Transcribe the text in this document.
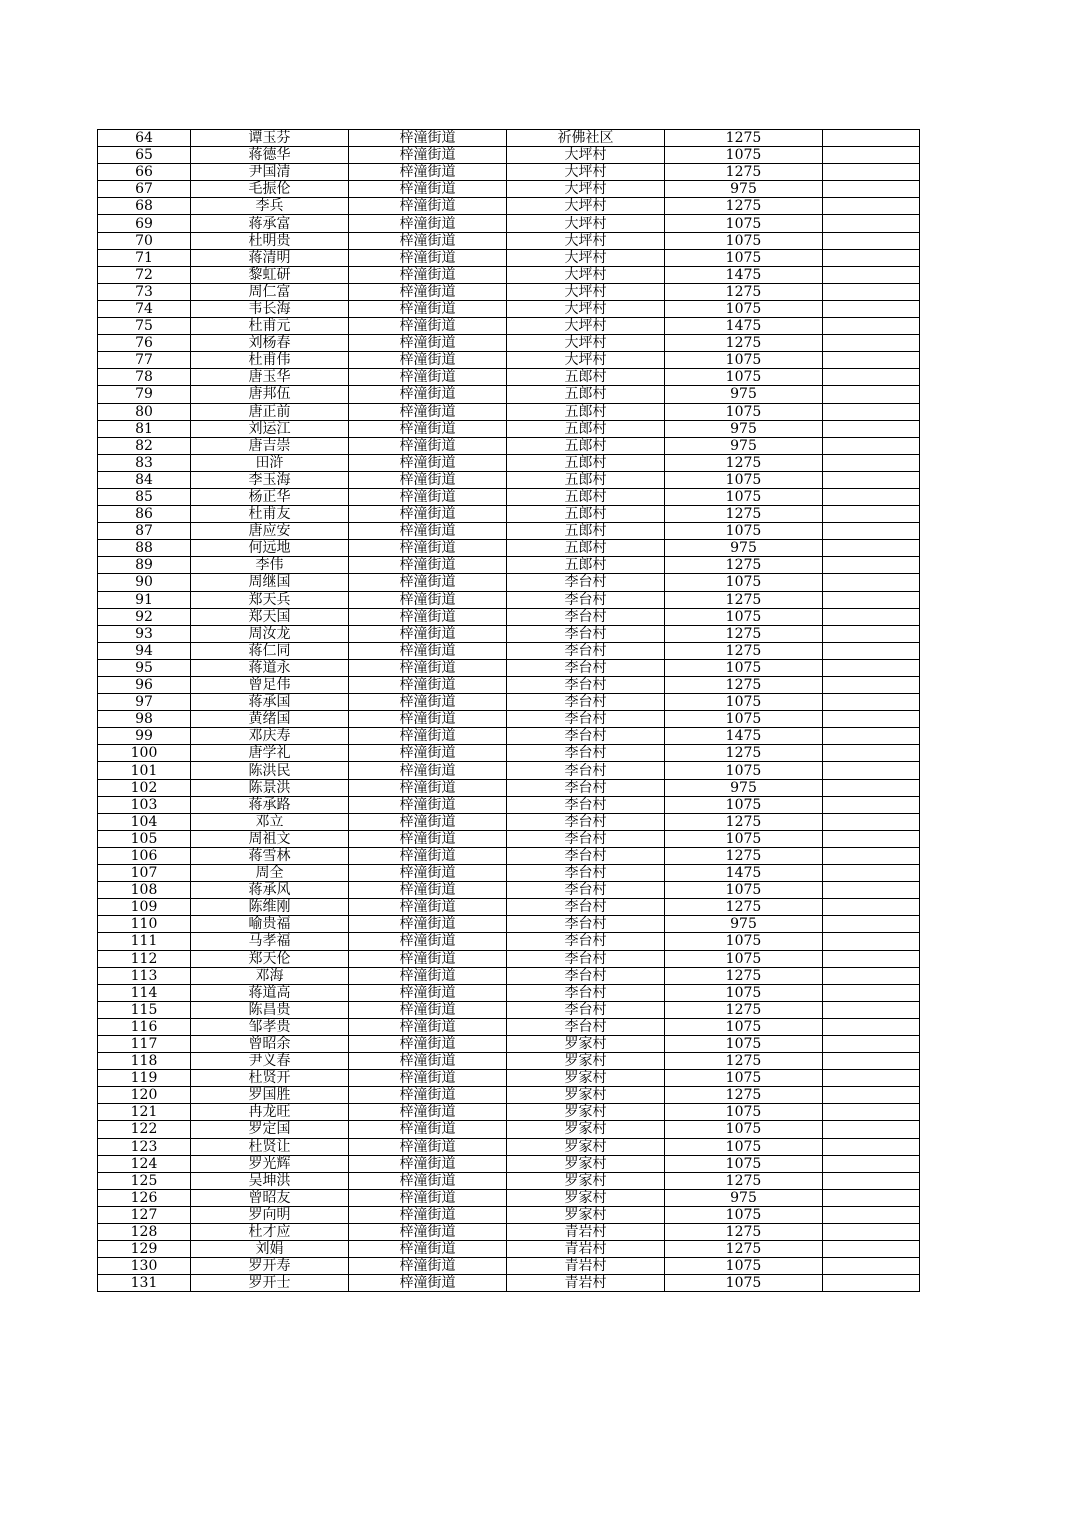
64	谭玉芬	梓潼街道	祈佛社区	1275	
65	蒋德华	梓潼街道	大坪村	1075	
66	尹国清	梓潼街道	大坪村	1275	
67	毛振伦	梓潼街道	大坪村	975	
68	李兵	梓潼街道	大坪村	1275	
69	蒋承富	梓潼街道	大坪村	1075	
70	杜明贵	梓潼街道	大坪村	1075	
71	蒋清明	梓潼街道	大坪村	1075	
72	黎虹研	梓潼街道	大坪村	1475	
73	周仁富	梓潼街道	大坪村	1275	
74	韦长海	梓潼街道	大坪村	1075	
75	杜甫元	梓潼街道	大坪村	1475	
76	刘杨春	梓潼街道	大坪村	1275	
77	杜甫伟	梓潼街道	大坪村	1075	
78	唐玉华	梓潼街道	五郎村	1075	
79	唐邦伍	梓潼街道	五郎村	975	
80	唐正前	梓潼街道	五郎村	1075	
81	刘运江	梓潼街道	五郎村	975	
82	唐吉崇	梓潼街道	五郎村	975	
83	田浒	梓潼街道	五郎村	1275	
84	李玉海	梓潼街道	五郎村	1075	
85	杨正华	梓潼街道	五郎村	1075	
86	杜甫友	梓潼街道	五郎村	1275	
87	唐应安	梓潼街道	五郎村	1075	
88	何远地	梓潼街道	五郎村	975	
89	李伟	梓潼街道	五郎村	1275	
90	周继国	梓潼街道	李台村	1075	
91	郑天兵	梓潼街道	李台村	1275	
92	郑天国	梓潼街道	李台村	1075	
93	周汝龙	梓潼街道	李台村	1275	
94	蒋仁同	梓潼街道	李台村	1275	
95	蒋道永	梓潼街道	李台村	1075	
96	曾足伟	梓潼街道	李台村	1275	
97	蒋承国	梓潼街道	李台村	1075	
98	黄绪国	梓潼街道	李台村	1075	
99	邓庆寿	梓潼街道	李台村	1475	
100	唐学礼	梓潼街道	李台村	1275	
101	陈洪民	梓潼街道	李台村	1075	
102	陈景洪	梓潼街道	李台村	975	
103	蒋承路	梓潼街道	李台村	1075	
104	邓立	梓潼街道	李台村	1275	
105	周祖文	梓潼街道	李台村	1075	
106	蒋雪林	梓潼街道	李台村	1275	
107	周全	梓潼街道	李台村	1475	
108	蒋承风	梓潼街道	李台村	1075	
109	陈维刚	梓潼街道	李台村	1275	
110	喻贵福	梓潼街道	李台村	975	
111	马孝福	梓潼街道	李台村	1075	
112	郑天伦	梓潼街道	李台村	1075	
113	邓海	梓潼街道	李台村	1275	
114	蒋道高	梓潼街道	李台村	1075	
115	陈昌贵	梓潼街道	李台村	1275	
116	邹孝贵	梓潼街道	李台村	1075	
117	曾昭余	梓潼街道	罗家村	1075	
118	尹义春	梓潼街道	罗家村	1275	
119	杜贤开	梓潼街道	罗家村	1075	
120	罗国胜	梓潼街道	罗家村	1275	
121	冉龙旺	梓潼街道	罗家村	1075	
122	罗定国	梓潼街道	罗家村	1075	
123	杜贤让	梓潼街道	罗家村	1075	
124	罗光辉	梓潼街道	罗家村	1075	
125	吴坤洪	梓潼街道	罗家村	1275	
126	曾昭友	梓潼街道	罗家村	975	
127	罗向明	梓潼街道	罗家村	1075	
128	杜才应	梓潼街道	青岩村	1275	
129	刘娟	梓潼街道	青岩村	1275	
130	罗开寿	梓潼街道	青岩村	1075	
131	罗开士	梓潼街道	青岩村	1075	
